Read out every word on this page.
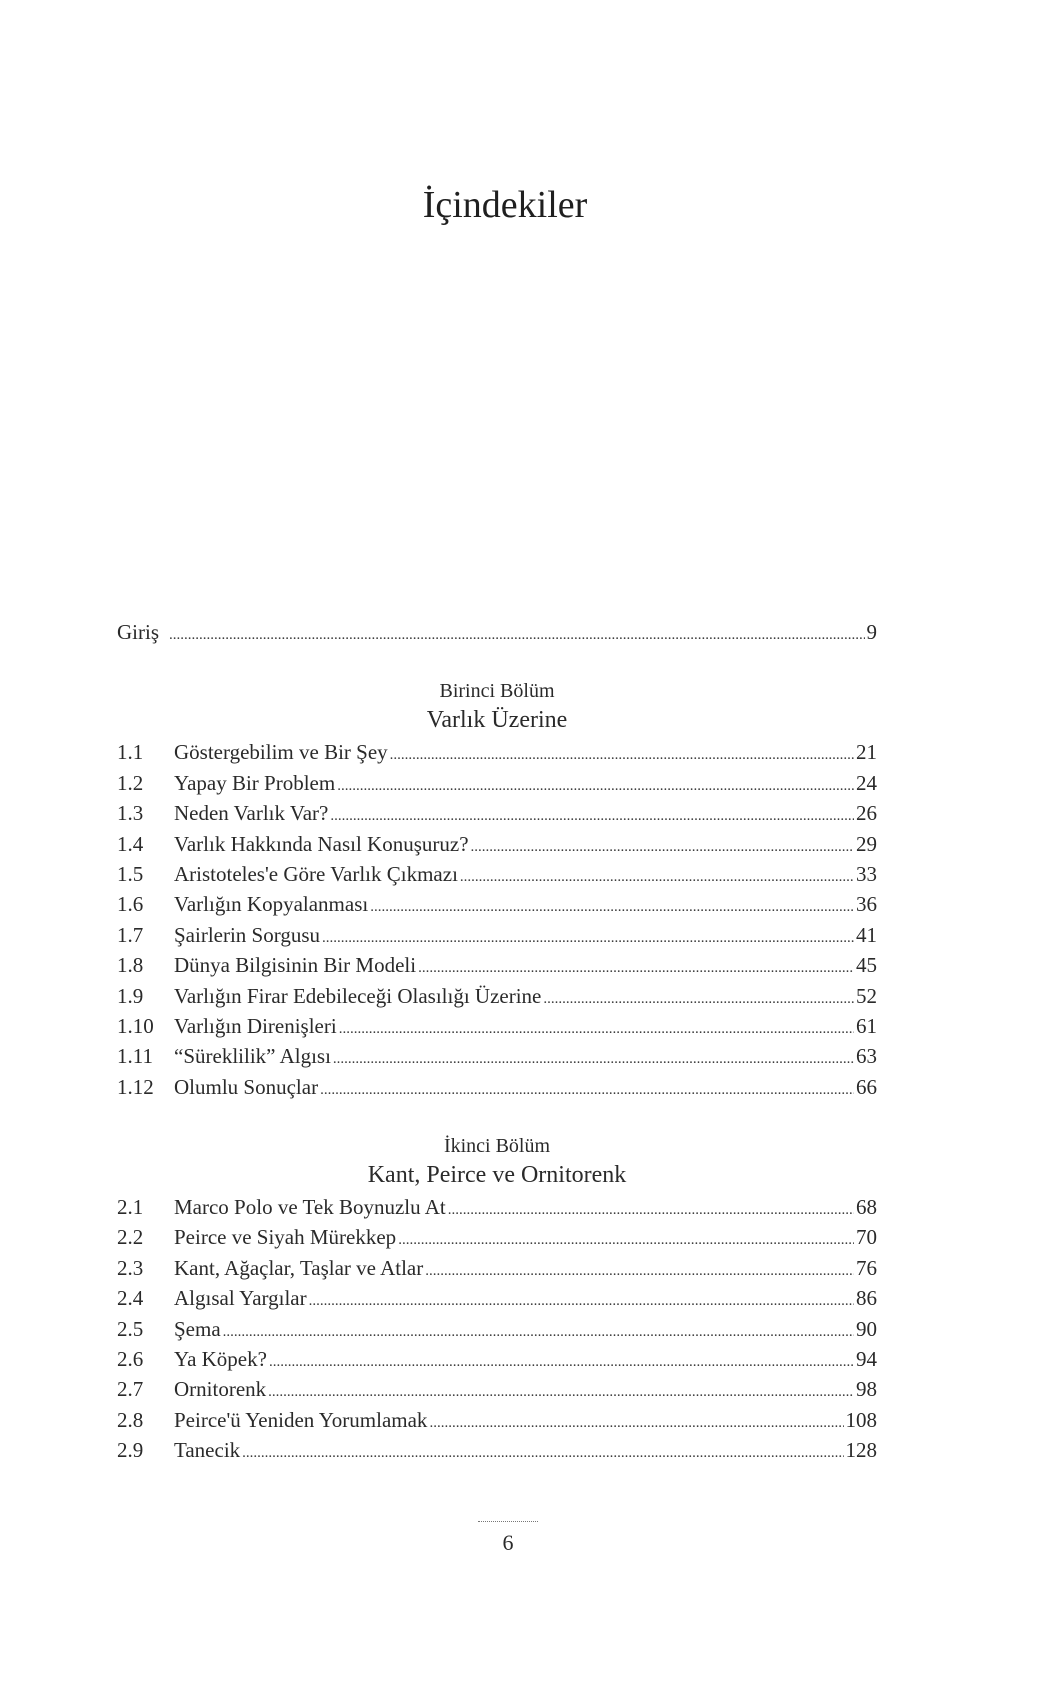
İçindekiler
Giriş .....	9
Birinci Bölüm
Varlık Üzerine
1.1	Göstergebilim ve Bir Şey .....	21
1.2	Yapay Bir Problem .....	24
1.3	Neden Varlık Var? .....	26
1.4	Varlık Hakkında Nasıl Konuşuruz? .....	29
1.5	Aristoteles'e Göre Varlık Çıkmazı .....	33
1.6	Varlığın Kopyalanması .....	36
1.7	Şairlerin Sorgusu .....	41
1.8	Dünya Bilgisinin Bir Modeli .....	45
1.9	Varlığın Firar Edebileceği Olasılığı Üzerine .....	52
1.10 Varlığın Direnişleri .....	61
1.11	“Süreklilik” Algısı .....	63
1.12 Olumlu Sonuçlar .....	66
İkinci Bölüm
Kant, Peirce ve Ornitorenk
2.1	Marco Polo ve Tek Boynuzlu At .....	68
2.2	Peirce ve Siyah Mürekkep .....	70
2.3	Kant, Ağaçlar, Taşlar ve Atlar .....	76
2.4	Algısal Yargılar .....	86
2.5	Şema .....	90
2.6	Ya Köpek? .....	94
2.7	Ornitorenk .....	98
2.8	Peirce'ü Yeniden Yorumlamak .....	108
2.9	Tanecik .....	128
6
